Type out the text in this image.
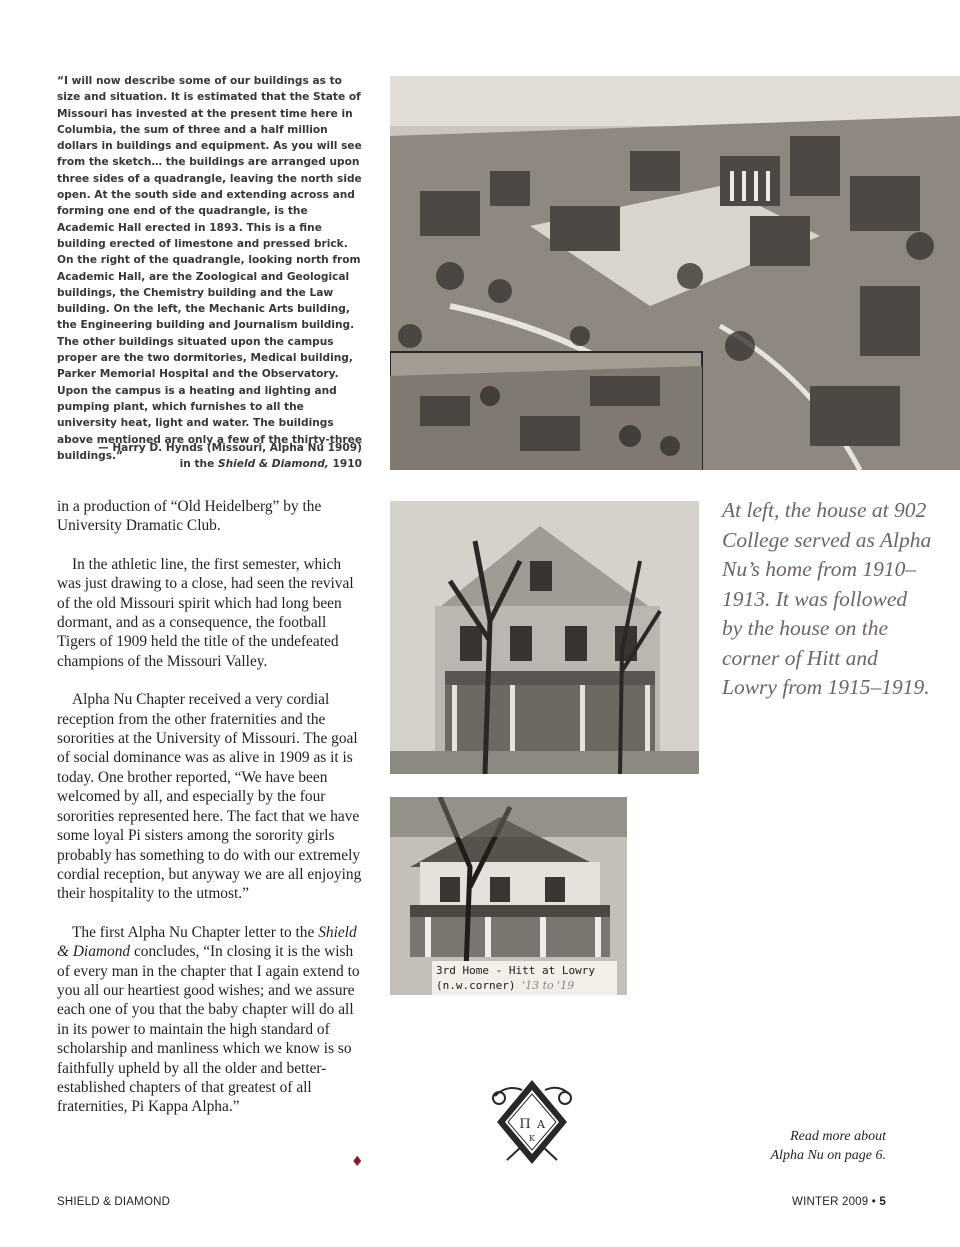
“I will now describe some of our buildings as to size and situation. It is estimated that the State of Missouri has invested at the present time here in Columbia, the sum of three and a half million dollars in buildings and equipment. As you will see from the sketch… the buildings are arranged upon three sides of a quadrangle, leaving the north side open. At the south side and extending across and forming one end of the quadrangle, is the Academic Hall erected in 1893. This is a fine building erected of limestone and pressed brick. On the right of the quadrangle, looking north from Academic Hall, are the Zoological and Geological buildings, the Chemistry building and the Law building. On the left, the Mechanic Arts building, the Engineering building and Journalism building. The other buildings situated upon the campus proper are the two dormitories, Medical building, Parker Memorial Hospital and the Observatory. Upon the campus is a heating and lighting and pumping plant, which furnishes to all the university heat, light and water. The buildings above mentioned are only a few of the thirty-three buildings.”

— Harry D. Hynds (Missouri, Alpha Nu 1909)
in the Shield & Diamond, 1910
3rd Home - Hitt at Lowry
(n.w.corner) '13 to '19

in a production of “Old Heidelberg” by the University Dramatic Club.

In the athletic line, the first semester, which was just drawing to a close, had seen the revival of the old Missouri spirit which had long been dormant, and as a consequence, the football Tigers of 1909 held the title of the undefeated champions of the Missouri Valley.

Alpha Nu Chapter received a very cordial reception from the other fraternities and the sororities at the University of Missouri. The goal of social dominance was as alive in 1909 as it is today. One brother reported, “We have been welcomed by all, and especially by the four sororities represented here. The fact that we have some loyal Pi sisters among the sorority girls probably has something to do with our extremely cordial reception, but anyway we are all enjoying their hospitality to the utmost.”

The first Alpha Nu Chapter letter to the Shield & Diamond concludes, “In closing it is the wish of every man in the chapter that I again extend to you all our heartiest good wishes; and we assure each one of you that the baby chapter will do all in its power to maintain the high standard of scholarship and manliness which we know is so faithfully upheld by all the older and better-established chapters of that greatest of all fraternities, Pi Kappa Alpha.”

At left, the house at 902 College served as Alpha Nu’s home from 1910–1913. It was followed by the house on the corner of Hitt and Lowry from 1915–1919.
Π
Κ
Α
♦
Read more about
Alpha Nu on page 6.
SHIELD & DIAMOND	WINTER 2009 • 5
